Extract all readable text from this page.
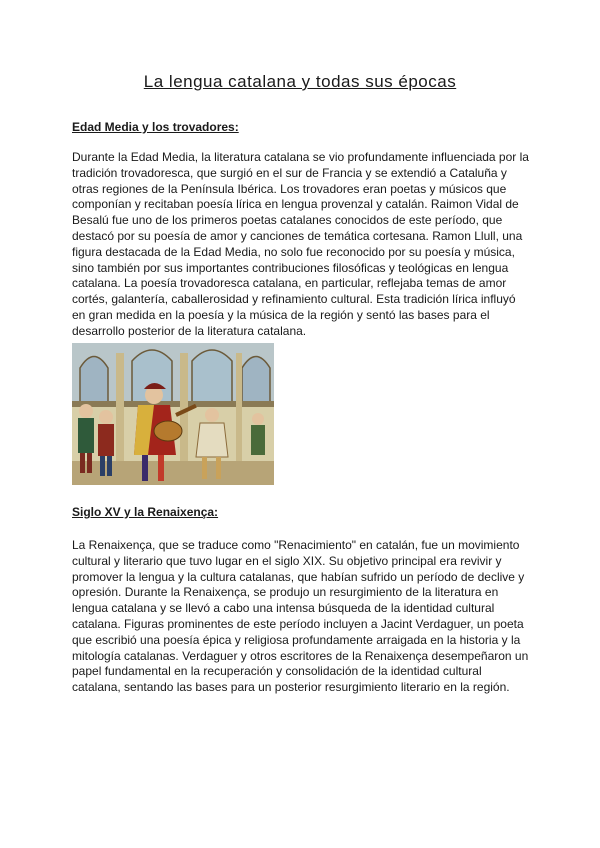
La lengua catalana y todas sus épocas
Edad Media y los trovadores:

Durante la Edad Media, la literatura catalana se vio profundamente influenciada por la tradición trovadoresca, que surgió en el sur de Francia y se extendió a Cataluña y otras regiones de la Península Ibérica. Los trovadores eran poetas y músicos que componían y recitaban poesía lírica en lengua provenzal y catalán. Raimon Vidal de Besalú fue uno de los primeros poetas catalanes conocidos de este período, que destacó por su poesía de amor y canciones de temática cortesana. Ramon Llull, una figura destacada de la Edad Media, no solo fue reconocido por su poesía y música, sino también por sus importantes contribuciones filosóficas y teológicas en lengua catalana. La poesía trovadoresca catalana, en particular, reflejaba temas de amor cortés, galantería, caballerosidad y refinamiento cultural. Esta tradición lírica influyó en gran medida en la poesía y la música de la región y sentó las bases para el desarrollo posterior de la literatura catalana.

Siglo XV y la Renaixença:

La Renaixença, que se traduce como "Renacimiento" en catalán, fue un movimiento cultural y literario que tuvo lugar en el siglo XIX. Su objetivo principal era revivir y promover la lengua y la cultura catalanas, que habían sufrido un período de declive y opresión. Durante la Renaixença, se produjo un resurgimiento de la literatura en lengua catalana y se llevó a cabo una intensa búsqueda de la identidad cultural catalana. Figuras prominentes de este período incluyen a Jacint Verdaguer, un poeta que escribió una poesía épica y religiosa profundamente arraigada en la historia y la mitología catalanas. Verdaguer y otros escritores de la Renaixença desempeñaron un papel fundamental en la recuperación y consolidación de la identidad cultural catalana, sentando las bases para un posterior resurgimiento literario en la región.
